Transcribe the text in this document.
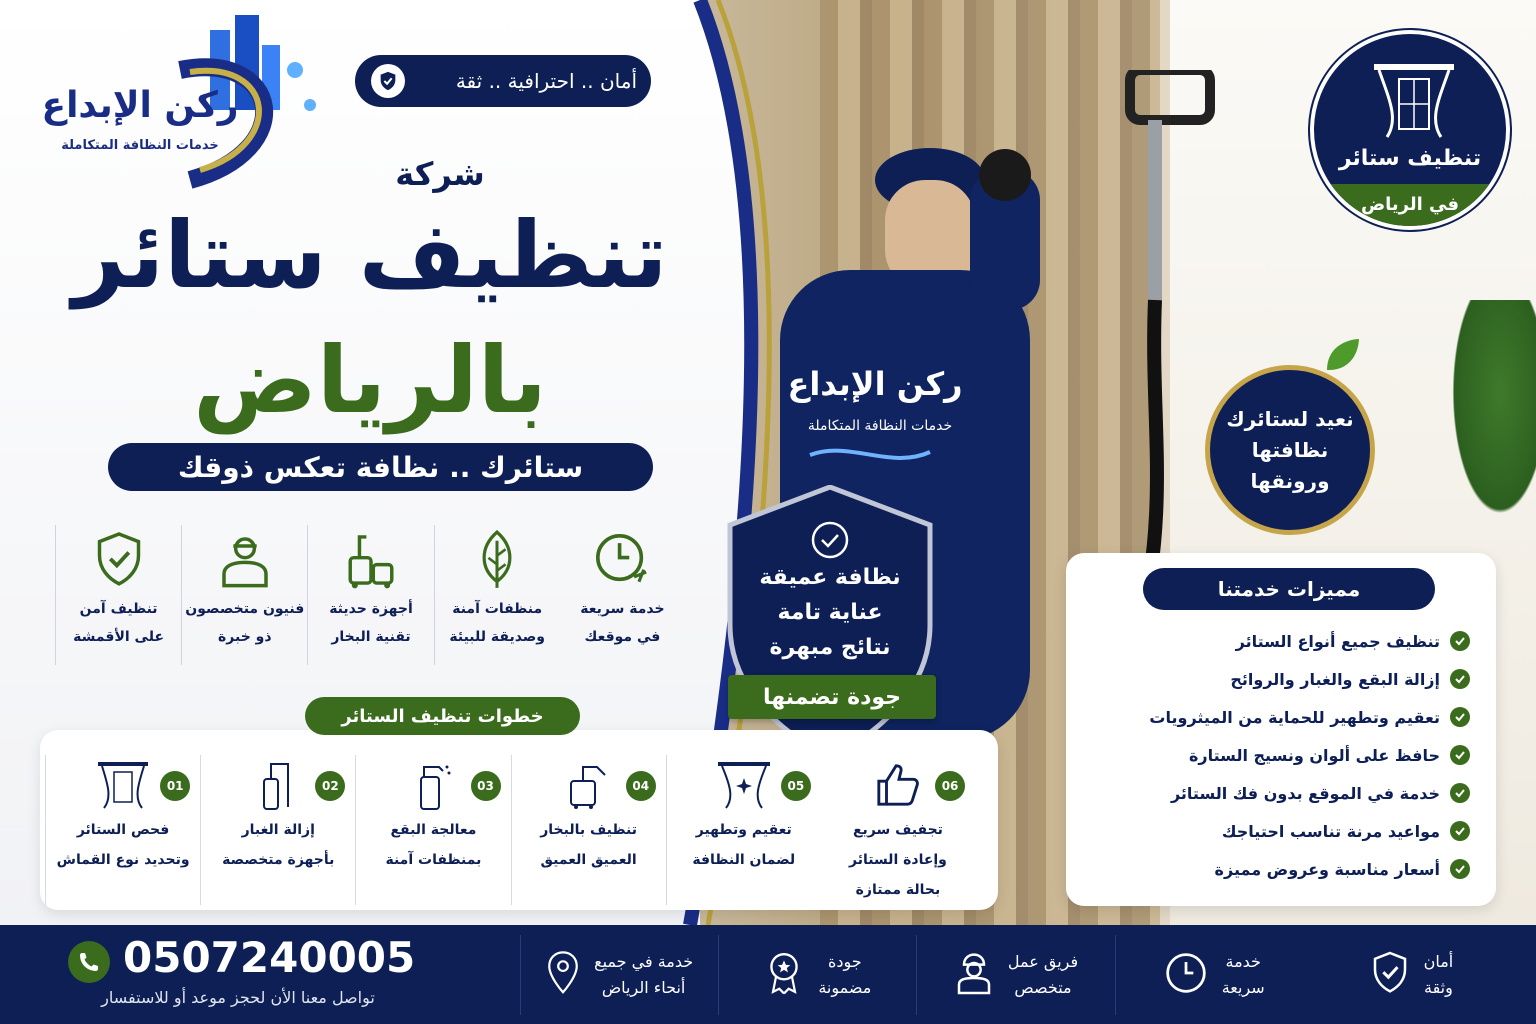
ركن الإبداع
خدمات النظافة المتكاملة
ركن الإبداع
خدمات النظافة المتكاملة
أمان .. احترافية .. ثقة
شركة
تنظيف ستائر
بالرياض
ستائرك .. نظافة تعكس ذوقك
تنظيف آمن
على الأقمشة
فنيون متخصصون
ذو خبرة
أجهزة حديثة
تقنية البخار
منظفات آمنة
وصديقة للبيئة
خدمة سريعة
في موقعك
نظافة عميقة
عناية تامة
نتائج مبهرة
جودة تضمنها
تنظيف ستائر
في الرياض
نعيد لستائرك
نظافتها
ورونقها
مميزات خدمتنا
تنظيف جميع أنواع الستائر
إزالة البقع والغبار والروائح
تعقيم وتطهير للحماية من الميثرويات
حافظ على ألوان ونسيج الستارة
خدمة في الموقع بدون فك الستائر
مواعيد مرنة تناسب احتياجك
أسعار مناسبة وعروض مميزة
خطوات تنظيف الستائر
01
فحص الستائر
وتحديد نوع القماش
02
إزالة الغبار
بأجهزة متخصصة
03
معالجة البقع
بمنظفات آمنة
04
تنظيف بالبخار
العميق العميق
05
تعقيم وتطهير
لضمان النظافة
06
تجفيف سريع
وإعادة الستائر
بحالة ممتازة
0507240005
تواصل معنا الأن لحجز موعد أو للاستفسار
خدمة في جميع
أنحاء الرياض
جودة
مضمونة
فريق عمل
متخصص
خدمة
سريعة
أمان
وثقة
